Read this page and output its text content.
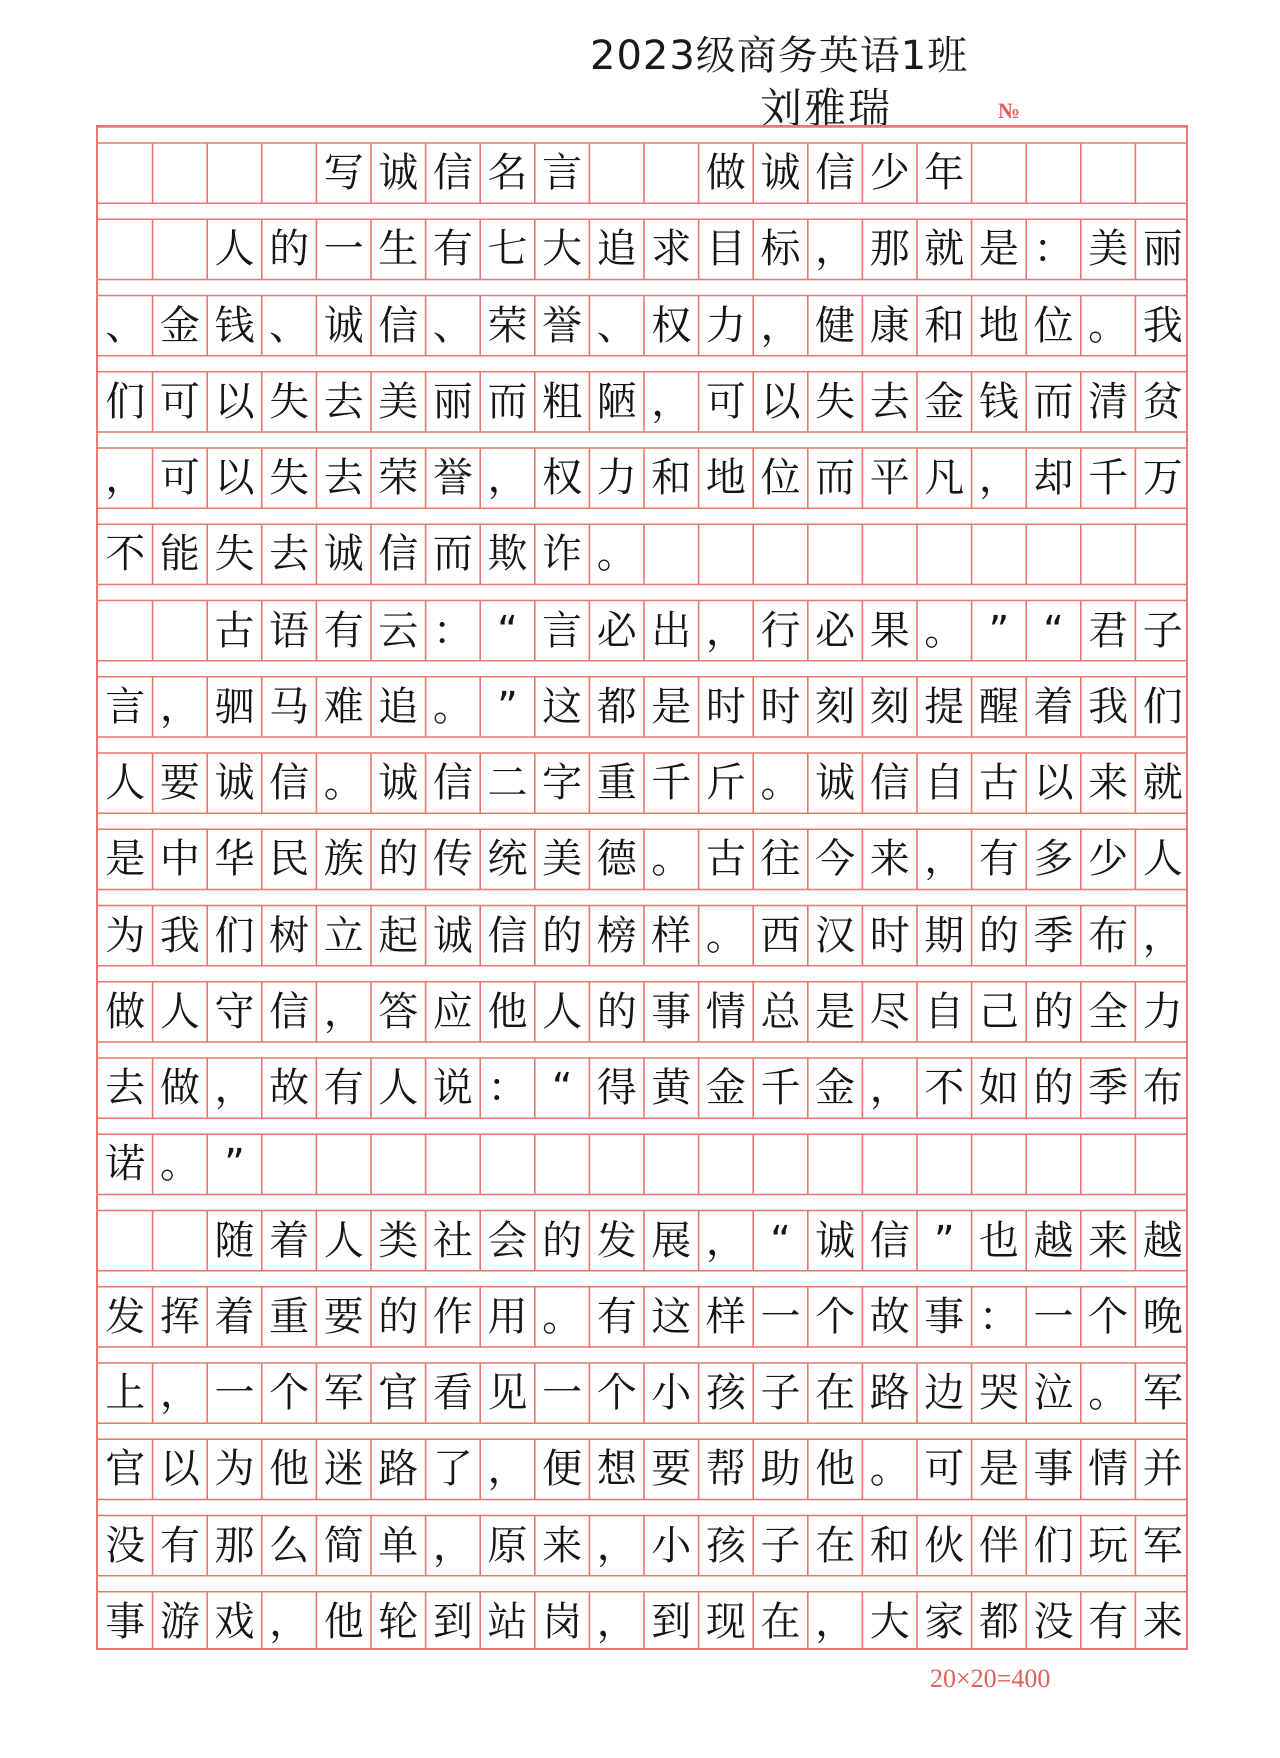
2023级商务英语1班
刘雅瑞	№
写 诚 信 名 言	做 诚 信 少 年
人 的 一 生 有 七 大 追 求 目 标 ， 那 就 是 ： 美 丽
、 金 钱 、 诚 信 、 荣 誉 、 权 力 ， 健 康 和 地 位 。 我
们 可 以 失 去 美 丽 而 粗 陋 ， 可 以 失 去 金 钱 而 清 贫
， 可 以 失 去 荣 誉 ， 权 力 和 地 位 而 平 凡 ， 却 千 万
不 能 失 去 诚 信 而 欺 诈 。
古 语 有 云 ： “ 言 必 出 ， 行 必 果 。 ” “ 君 子
言 ， 驷 马 难 追 。 ” 这 都 是 时 时 刻 刻 提 醒 着 我 们
人 要 诚 信 。 诚 信 二 字 重 千 斤 。 诚 信 自 古 以 来 就
是 中 华 民 族 的 传 统 美 德 。 古 往 今 来 ， 有 多 少 人
为 我 们 树 立 起 诚 信 的 榜 样 。 西 汉 时 期 的 季 布 ，
做 人 守 信 ， 答 应 他 人 的 事 情 总 是 尽 自 己 的 全 力
去 做 ， 故 有 人 说 ： “ 得 黄 金 千 金 ， 不 如 的 季 布
诺 。 ”
随 着 人 类 社 会 的 发 展 ， “ 诚 信 ” 也 越 来 越
发 挥 着 重 要 的 作 用 。 有 这 样 一 个 故 事 ： 一 个 晚
上 ， 一 个 军 官 看 见 一 个 小 孩 子 在 路 边 哭 泣 。 军
官 以 为 他 迷 路 了 ， 便 想 要 帮 助 他 。 可 是 事 情 并
没 有 那 么 简 单 ， 原 来 ， 小 孩 子 在 和 伙 伴 们 玩 军
事 游 戏 ， 他 轮 到 站 岗 ， 到 现 在 ， 大 家 都 没 有 来
20×20=400
